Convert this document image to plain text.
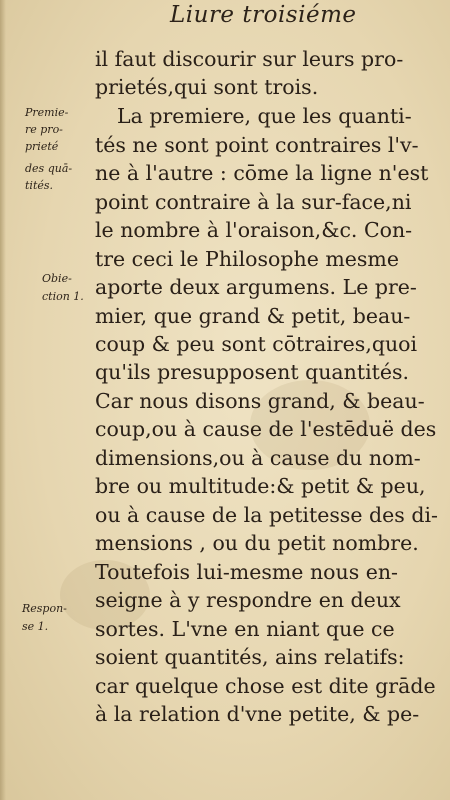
Liure troisiéme
il faut discourir sur leurs pro-
prietés,qui sont trois.
La premiere, que les quanti-
tés ne sont point contraires l'v-
ne à l'autre : cōme la ligne n'est
point contraire à la sur-face,ni
le nombre à l'oraison,&c. Con-
tre ceci le Philosophe mesme
aporte deux argumens. Le pre-
mier, que grand & petit, beau-
coup & peu sont cōtraires,quoi
qu'ils presupposent quantités.
Car nous disons grand, & beau-
coup,ou à cause de l'estēduë des
dimensions,ou à cause du nom-
bre ou multitude:& petit & peu,
ou à cause de la petitesse des di-
mensions , ou du petit nombre.
Toutefois lui-mesme nous en-
seigne à y respondre en deux
sortes. L'vne en niant que ce
soient quantités, ains relatifs:
car quelque chose est dite grāde
à la relation d'vne petite, & pe-
Premie-
re pro-
prieté
des quā-
tités.
Obie-
ction 1.
Respon-
se 1.
